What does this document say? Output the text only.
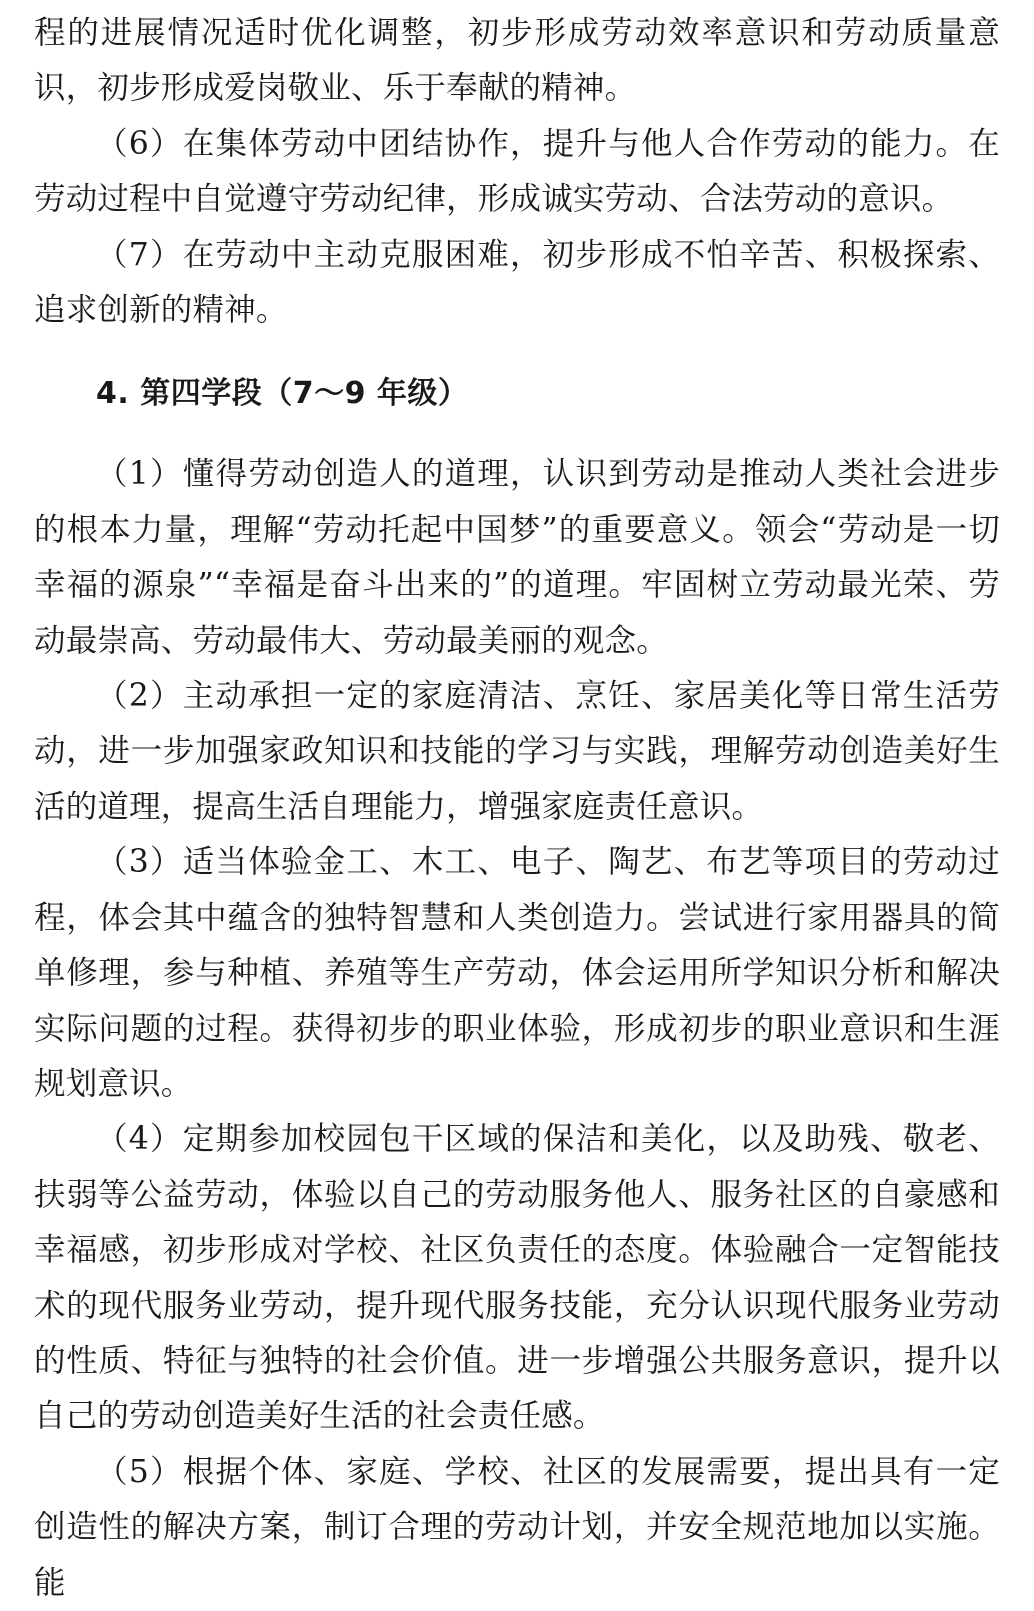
程的进展情况适时优化调整，初步形成劳动效率意识和劳动质量意识，初步形成爱岗敬业、乐于奉献的精神。

（6）在集体劳动中团结协作，提升与他人合作劳动的能力。在劳动过程中自觉遵守劳动纪律，形成诚实劳动、合法劳动的意识。

（7）在劳动中主动克服困难，初步形成不怕辛苦、积极探索、追求创新的精神。

4. 第四学段（7～9 年级）

（1）懂得劳动创造人的道理，认识到劳动是推动人类社会进步的根本力量，理解“劳动托起中国梦”的重要意义。领会“劳动是一切幸福的源泉”“幸福是奋斗出来的”的道理。牢固树立劳动最光荣、劳动最崇高、劳动最伟大、劳动最美丽的观念。

（2）主动承担一定的家庭清洁、烹饪、家居美化等日常生活劳动，进一步加强家政知识和技能的学习与实践，理解劳动创造美好生活的道理，提高生活自理能力，增强家庭责任意识。

（3）适当体验金工、木工、电子、陶艺、布艺等项目的劳动过程，体会其中蕴含的独特智慧和人类创造力。尝试进行家用器具的简单修理，参与种植、养殖等生产劳动，体会运用所学知识分析和解决实际问题的过程。获得初步的职业体验，形成初步的职业意识和生涯规划意识。

（4）定期参加校园包干区域的保洁和美化，以及助残、敬老、扶弱等公益劳动，体验以自己的劳动服务他人、服务社区的自豪感和幸福感，初步形成对学校、社区负责任的态度。体验融合一定智能技术的现代服务业劳动，提升现代服务技能，充分认识现代服务业劳动的性质、特征与独特的社会价值。进一步增强公共服务意识，提升以自己的劳动创造美好生活的社会责任感。

（5）根据个体、家庭、学校、社区的发展需要，提出具有一定创造性的解决方案，制订合理的劳动计划，并安全规范地加以实施。能
